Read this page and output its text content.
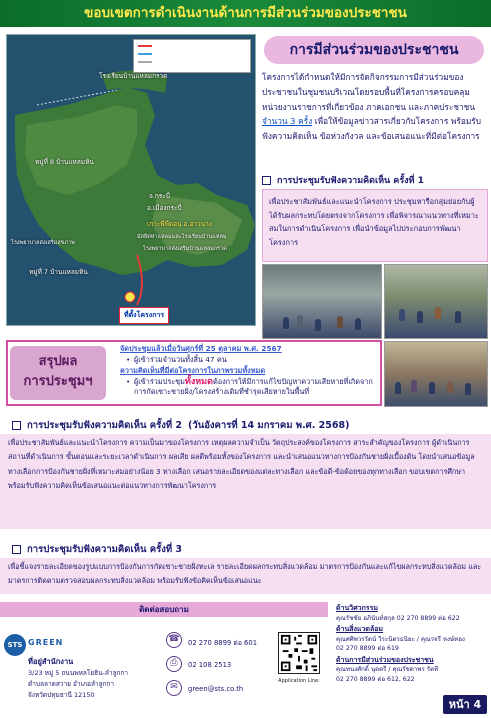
ขอบเขตการดำเนินงานด้านการมีส่วนร่วมของประชาชน
โรงเรียนบ้านแหลมกรวด
หมู่ที่ 8 บ้านแหลมหิน
จ.กระบี่
อ.เมืองกระบี่
เกาะพีพีดอน อ.อ่าวนาง
มัสยิดท่าแหลมและโรงเรียนบ้านแหลม
โรงพยาบาลส่งเสริมสุขภาพ
โรงพยาบาลส่งเสริมบ้านแหลมกรวด
หมู่ที่ 7 บ้านแหลมหิน
ที่ตั้งโครงการ
การมีส่วนร่วมของประชาชน
โครงการได้กำหนดให้มีการจัดกิจกรรมการมีส่วนร่วมของประชาชนในชุมชนบริเวณโดยรอบพื้นที่โครงการครอบคลุมหน่วยงานราชการที่เกี่ยวข้อง ภาคเอกชน และภาคประชาชน จำนวน 3 ครั้ง เพื่อให้ข้อมูลข่าวสารเกี่ยวกับโครงการ พร้อมรับฟังความคิดเห็น ข้อห่วงกังวล และข้อเสนอแนะที่มีต่อโครงการ
การประชุมรับฟังความคิดเห็น ครั้งที่ 1
เพื่อประชาสัมพันธ์และแนะนำโครงการ ประชุมหารือกลุ่มย่อยกับผู้ได้รับผลกระทบโดยตรงจากโครงการ เพื่อพิจารณาแนวทางที่เหมาะสมในการดำเนินโครงการ เพื่อนำข้อมูลไปประกอบการพัฒนาโครงการ
สรุปผล
การประชุมฯ
จัดประชุมแล้วเมื่อวันศุกร์ที่ 25 ตุลาคม พ.ศ. 2567
• ผู้เข้าร่วมจำนวนทั้งสิ้น 47 คน
ความคิดเห็นที่มีต่อโครงการในภาพรวมทั้งหมด
• ผู้เข้าร่วมประชุมทั้งหมดต้องการให้มีการแก้ไขปัญหาความเสียหายที่เกิดจากการกัดเซาะชายฝั่ง/โครงสร้างเดิมที่ชำรุดเสียหายในพื้นที่
การประชุมรับฟังความคิดเห็น ครั้งที่ 2 (วันอังคารที่ 14 มกราคม พ.ศ. 2568)
เพื่อประชาสัมพันธ์และแนะนำโครงการ ความเป็นมาของโครงการ เหตุผลความจำเป็น วัตถุประสงค์ของโครงการ สาระสำคัญของโครงการ ผู้ดำเนินการ สถานที่ดำเนินการ ขั้นตอนและระยะเวลาดำเนินการ ผลเสีย ผลดีพร้อมทั้งของโครงการ และนำเสนอแนวทางการป้องกันชายฝั่งเบื้องต้น โดยนำเสนอข้อมูลทางเลือกการป้องกันชายฝั่งที่เหมาะสมอย่างน้อย 3 ทางเลือก เสนอรายละเอียดของแต่ละทางเลือก และข้อดี-ข้อด้อยของทุกทางเลือก ขอบเขตการศึกษา พร้อมรับฟังความคิดเห็นข้อเสนอแนะต่อแนวทางการพัฒนาโครงการ
การประชุมรับฟังความคิดเห็น ครั้งที่ 3
เพื่อชี้แจงรายละเอียดของรูปแบบการป้องกันการกัดเซาะชายฝั่งทะเล รายละเอียดผลกระทบสิ่งแวดล้อม มาตรการป้องกันและแก้ไขผลกระทบสิ่งแวดล้อม และมาตรการติดตามตรวจสอบผลกระทบสิ่งแวดล้อม พร้อมรับฟังข้อคิดเห็นข้อเสนอแนะ
ติดต่อสอบถาม
STS GREEN
ที่อยู่สำนักงาน
3/23 หมู่ 5 ถนนพหลโยธิน-ลำลูกกา
ตำบลลาดสวาย อำเภอลำลูกกา
จังหวัดปทุมธานี 12150
☎	02 270 8899 ต่อ 601
⎙	02 108 2513
✉	green@sts.co.th
Application Line:
ด้านวิศวกรรม
คุณรัชชัย อภินันท์สกุล 02 270 8899 ต่อ 622
ด้านสิ่งแวดล้อม
คุณศศิพวรรัตน์ วิระนิตรธนิยะ / คุณรจรี หงษ์ทอง
02 270 8899 ต่อ 619
ด้านการมีส่วนร่วมของประชาชน
คุณทนงศักดิ์ นุตตรี / คุณรัชดาพร รัตที
02 270 8899 ต่อ 612, 622
หน้า 4
